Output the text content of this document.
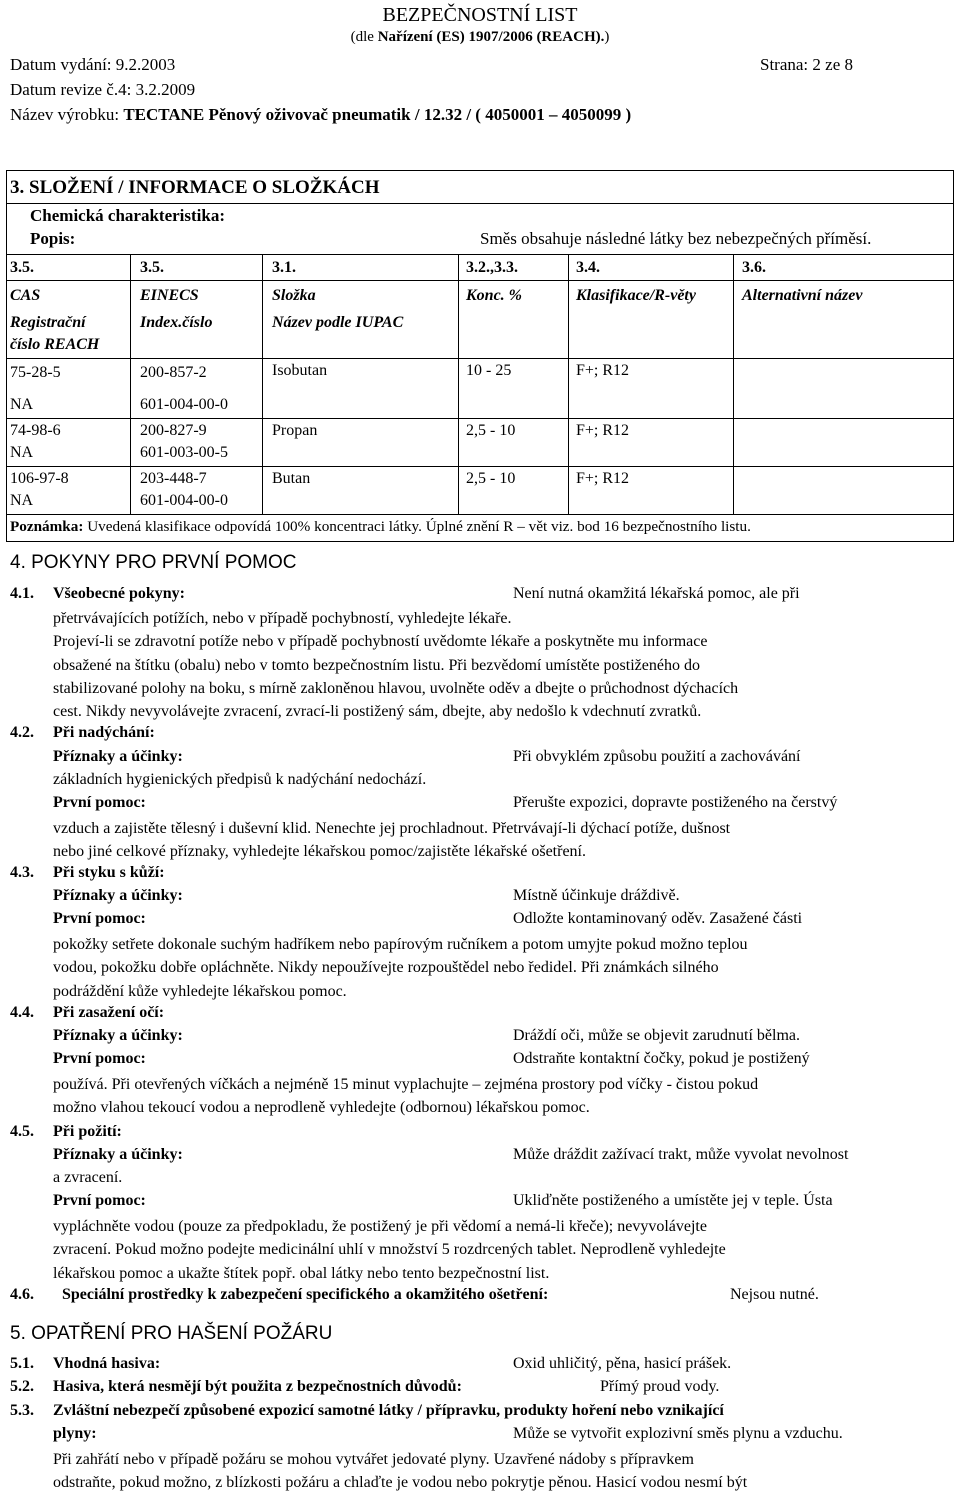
BEZPEČNOSTNÍ LIST
(dle Nařízení (ES) 1907/2006 (REACH).)
Datum vydání: 9.2.2003	Strana: 2 ze 8
Datum revize č.4: 3.2.2009
Název výrobku: TECTANE Pěnový oživovač pneumatik / 12.32 / ( 4050001 – 4050099 )
3. SLOŽENÍ / INFORMACE O SLOŽKÁCH
Chemická charakteristika:
Popis:	Směs obsahuje následné látky bez nebezpečných příměsí.
3.5.	3.5.	3.1.	3.2.,3.3.	3.4.	3.6.
CAS	EINECS	Složka	Konc. %	Klasifikace/R-věty	Alternativní název
Registrační
číslo REACH
Index.číslo	Název podle IUPAC
75-28-5	200-857-2	Isobutan	10 - 25	F+; R12
NA	601-004-00-0
74-98-6	200-827-9	Propan	2,5 - 10	F+; R12
NA	601-003-00-5
106-97-8	203-448-7	Butan	2,5 - 10	F+; R12
NA	601-004-00-0
Poznámka: Uvedená klasifikace odpovídá 100% koncentraci látky. Úplné znění R – vět viz. bod 16 bezpečnostního listu.
4. POKYNY PRO PRVNÍ POMOC
4.1. Všeobecné pokyny:	Není nutná okamžitá lékařská pomoc, ale při
přetrvávajících potížích, nebo v případě pochybností, vyhledejte lékaře.
Projeví-li se zdravotní potíže nebo v případě pochybností uvědomte lékaře a poskytněte mu informace
obsažené na štítku (obalu) nebo v tomto bezpečnostním listu. Při bezvědomí umístěte postiženého do
stabilizované polohy na boku, s mírně zakloněnou hlavou, uvolněte oděv a dbejte o průchodnost dýchacích
cest. Nikdy nevyvolávejte zvracení, zvrací-li postižený sám, dbejte, aby nedošlo k vdechnutí zvratků.
4.2. Při nadýchání:
Příznaky a účinky:	Při obvyklém způsobu použití a zachovávání
základních hygienických předpisů k nadýchání nedochází.
První pomoc:	Přerušte expozici, dopravte postiženého na čerstvý
vzduch a zajistěte tělesný i duševní klid. Nenechte jej prochladnout. Přetrvávají-li dýchací potíže, dušnost
nebo jiné celkové příznaky, vyhledejte lékařskou pomoc/zajistěte lékařské ošetření.
4.3. Při styku s kůží:
Příznaky a účinky:	Místně účinkuje dráždivě.
První pomoc:	Odložte kontaminovaný oděv. Zasažené části
pokožky setřete dokonale suchým hadříkem nebo papírovým ručníkem a potom umyjte pokud možno teplou
vodou, pokožku dobře opláchněte. Nikdy nepoužívejte rozpouštědel nebo ředidel. Při známkách silného
podráždění kůže vyhledejte lékařskou pomoc.
4.4. Při zasažení očí:
Příznaky a účinky:	Dráždí oči, může se objevit zarudnutí bělma.
První pomoc:	Odstraňte kontaktní čočky, pokud je postižený
používá. Při otevřených víčkách a nejméně 15 minut vyplachujte – zejména prostory pod víčky - čistou pokud
možno vlahou tekoucí vodou a neprodleně vyhledejte (odbornou) lékařskou pomoc.
4.5. Při požití:
Příznaky a účinky:	Může dráždit zažívací trakt, může vyvolat nevolnost
a zvracení.
První pomoc:	Ukliďněte postiženého a umístěte jej v teple. Ústa
vypláchněte vodou (pouze za předpokladu, že postižený je při vědomí a nemá-li křeče); nevyvolávejte
zvracení. Pokud možno podejte medicinální uhlí v množství 5 rozdrcených tablet. Neprodleně vyhledejte
lékařskou pomoc a ukažte štítek popř. obal látky nebo tento bezpečnostní list.
4.6. Speciální prostředky k zabezpečení specifického a okamžitého ošetření:	Nejsou nutné.
5. OPATŘENÍ PRO HAŠENÍ POŽÁRU
5.1. Vhodná hasiva:	Oxid uhličitý, pěna, hasicí prášek.
5.2. Hasiva, která nesmějí být použita z bezpečnostních důvodů:	Přímý proud vody.
5.3. Zvláštní nebezpečí způsobené expozicí samotné látky / přípravku, produkty hoření nebo vznikající
plyny:	Může se vytvořit explozivní směs plynu a vzduchu.
Při zahřátí nebo v případě požáru se mohou vytvářet jedovaté plyny. Uzavřené nádoby s přípravkem
odstraňte, pokud možno, z blízkosti požáru a chlaďte je vodou nebo pokrytje pěnou. Hasicí vodou nesmí být
